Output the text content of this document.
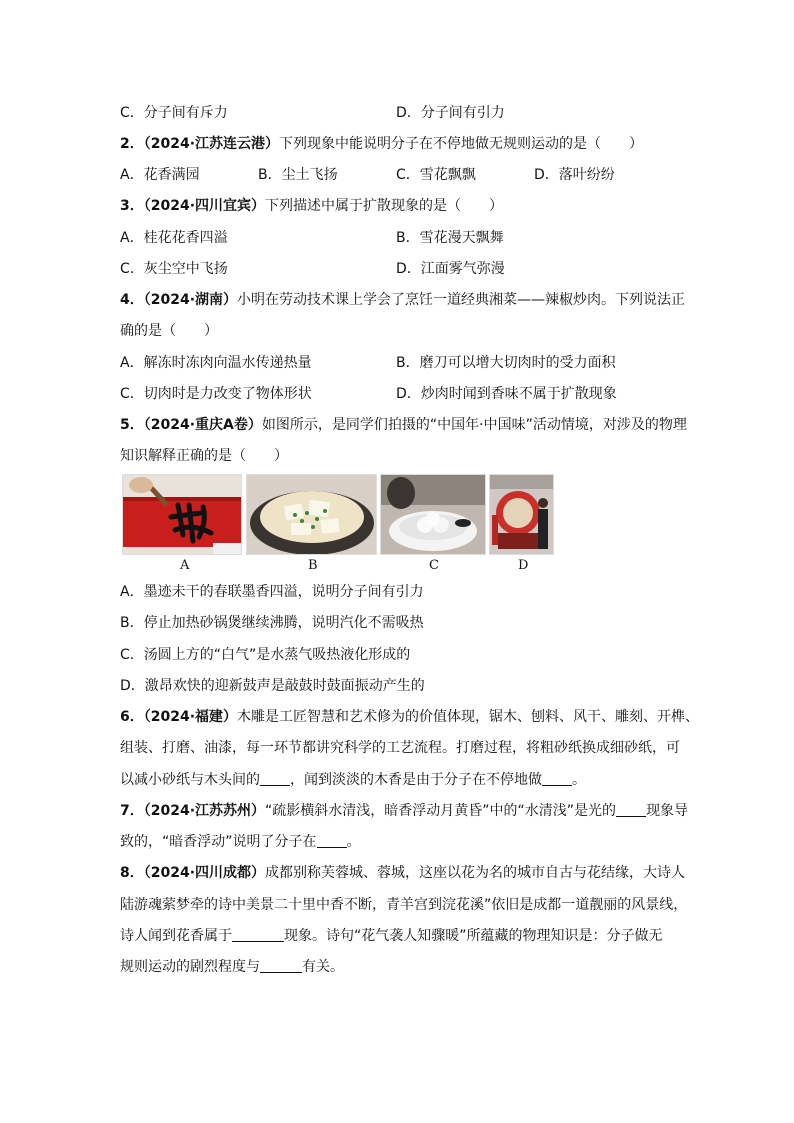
C．分子间有斥力	D．分子间有引力
2．（2024·江苏连云港）下列现象中能说明分子在不停地做无规则运动的是（　　）
A．花香满园	B．尘土飞扬	C．雪花飘飘	D．落叶纷纷
3．（2024·四川宜宾）下列描述中属于扩散现象的是（　　）
A．桂花花香四溢	B．雪花漫天飘舞
C．灰尘空中飞扬	D．江面雾气弥漫
4．（2024·湖南）小明在劳动技术课上学会了烹饪一道经典湘菜——辣椒炒肉。下列说法正
确的是（　　）
A．解冻时冻肉向温水传递热量	B．磨刀可以增大切肉时的受力面积
C．切肉时是力改变了物体形状	D．炒肉时闻到香味不属于扩散现象
5．（2024·重庆A卷）如图所示，是同学们拍摄的“中国年·中国味”活动情境，对涉及的物理
知识解释正确的是（　　）
A	B	C	D
A．墨迹未干的春联墨香四溢，说明分子间有引力
B．停止加热砂锅煲继续沸腾，说明汽化不需吸热
C．汤圆上方的“白气”是水蒸气吸热液化形成的
D．激昂欢快的迎新鼓声是敲鼓时鼓面振动产生的
6．（2024·福建）木雕是工匠智慧和艺术修为的价值体现，锯木、刨料、风干、雕刻、开榫、
组装、打磨、油漆，每一环节都讲究科学的工艺流程。打磨过程，将粗砂纸换成细砂纸，可
以减小砂纸与木头间的 ，闻到淡淡的木香是由于分子在不停地做 。
7．（2024·江苏苏州）“疏影横斜水清浅，暗香浮动月黄昏”中的“水清浅”是光的 现象导
致的，“暗香浮动”说明了分子在 。
8．（2024·四川成都）成都别称芙蓉城、蓉城，这座以花为名的城市自古与花结缘，大诗人
陆游魂萦梦牵的诗中美景二十里中香不断，青羊宫到浣花溪”依旧是成都一道靓丽的风景线，
诗人闻到花香属于	现象。诗句“花气袭人知骤暖”所蕴藏的物理知识是：分子做无
规则运动的剧烈程度与	有关。
